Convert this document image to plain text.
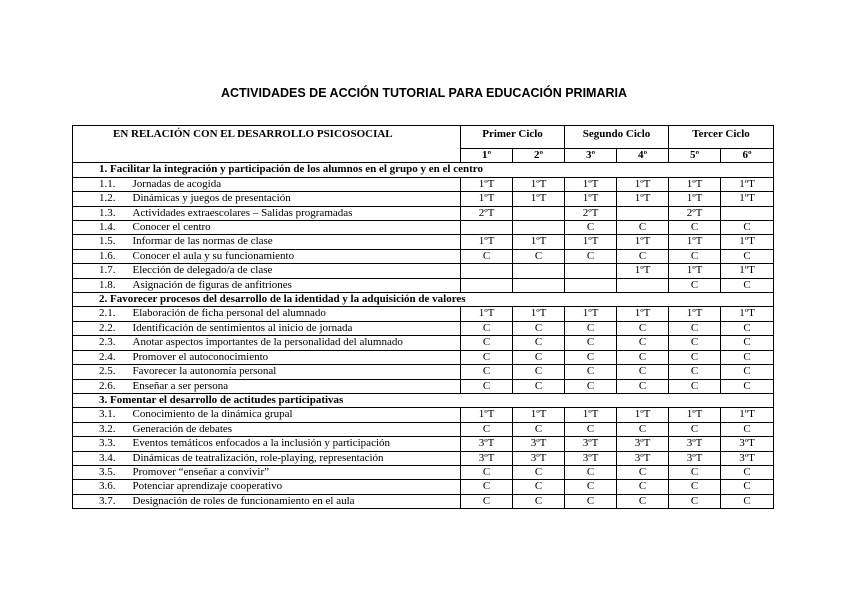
ACTIVIDADES DE ACCIÓN TUTORIAL PARA EDUCACIÓN PRIMARIA
EN RELACIÓN CON EL DESARROLLO PSICOSOCIAL		Primer Ciclo		Segundo Ciclo		Tercer Ciclo	
		1º	2º	3º	4º	5º	6º
1. Facilitar la integración y participación de los alumnos en el grupo y en el centro							
1.1.	Jornadas de acogida	1ºT	1ºT	1ºT	1ºT	1ºT	1ºT
1.2.	Dinámicas y juegos de presentación	1ºT	1ºT	1ºT	1ºT	1ºT	1ºT
1.3.	Actividades extraescolares – Salidas programadas	2ºT		2ºT		2ºT	
1.4.	Conocer el centro			C	C	C	C
1.5.	Informar de las normas de clase	1ºT	1ºT	1ºT	1ºT	1ºT	1ºT
1.6.	Conocer el aula y su funcionamiento	C	C	C	C	C	C
1.7.	Elección de delegado/a de clase				1ºT	1ºT	1ºT
1.8.	Asignación de figuras de anfitriones					C	C
2. Favorecer procesos del desarrollo de la identidad y la adquisición de valores							
2.1.	Elaboración de ficha personal del alumnado	1ºT	1ºT	1ºT	1ºT	1ºT	1ºT
2.2.	Identificación de sentimientos al inicio de jornada	C	C	C	C	C	C
2.3.	Anotar aspectos importantes de la personalidad del alumnado	C	C	C	C	C	C
2.4.	Promover el autoconocimiento	C	C	C	C	C	C
2.5.	Favorecer la autonomía personal	C	C	C	C	C	C
2.6.	Enseñar a ser persona	C	C	C	C	C	C
3. Fomentar el desarrollo de actitudes participativas							
3.1.	Conocimiento de la dinámica grupal	1ºT	1ºT	1ºT	1ºT	1ºT	1ºT
3.2.	Generación de debates	C	C	C	C	C	C
3.3.	Eventos temáticos enfocados a la inclusión y participación	3ºT	3ºT	3ºT	3ºT	3ºT	3ºT
3.4.	Dinámicas de teatralización, role-playing, representación	3ºT	3ºT	3ºT	3ºT	3ºT	3ºT
3.5.	Promover “enseñar a convivir”	C	C	C	C	C	C
3.6.	Potenciar aprendizaje cooperativo	C	C	C	C	C	C
3.7.	Designación de roles de funcionamiento en el aula	C	C	C	C	C	C
